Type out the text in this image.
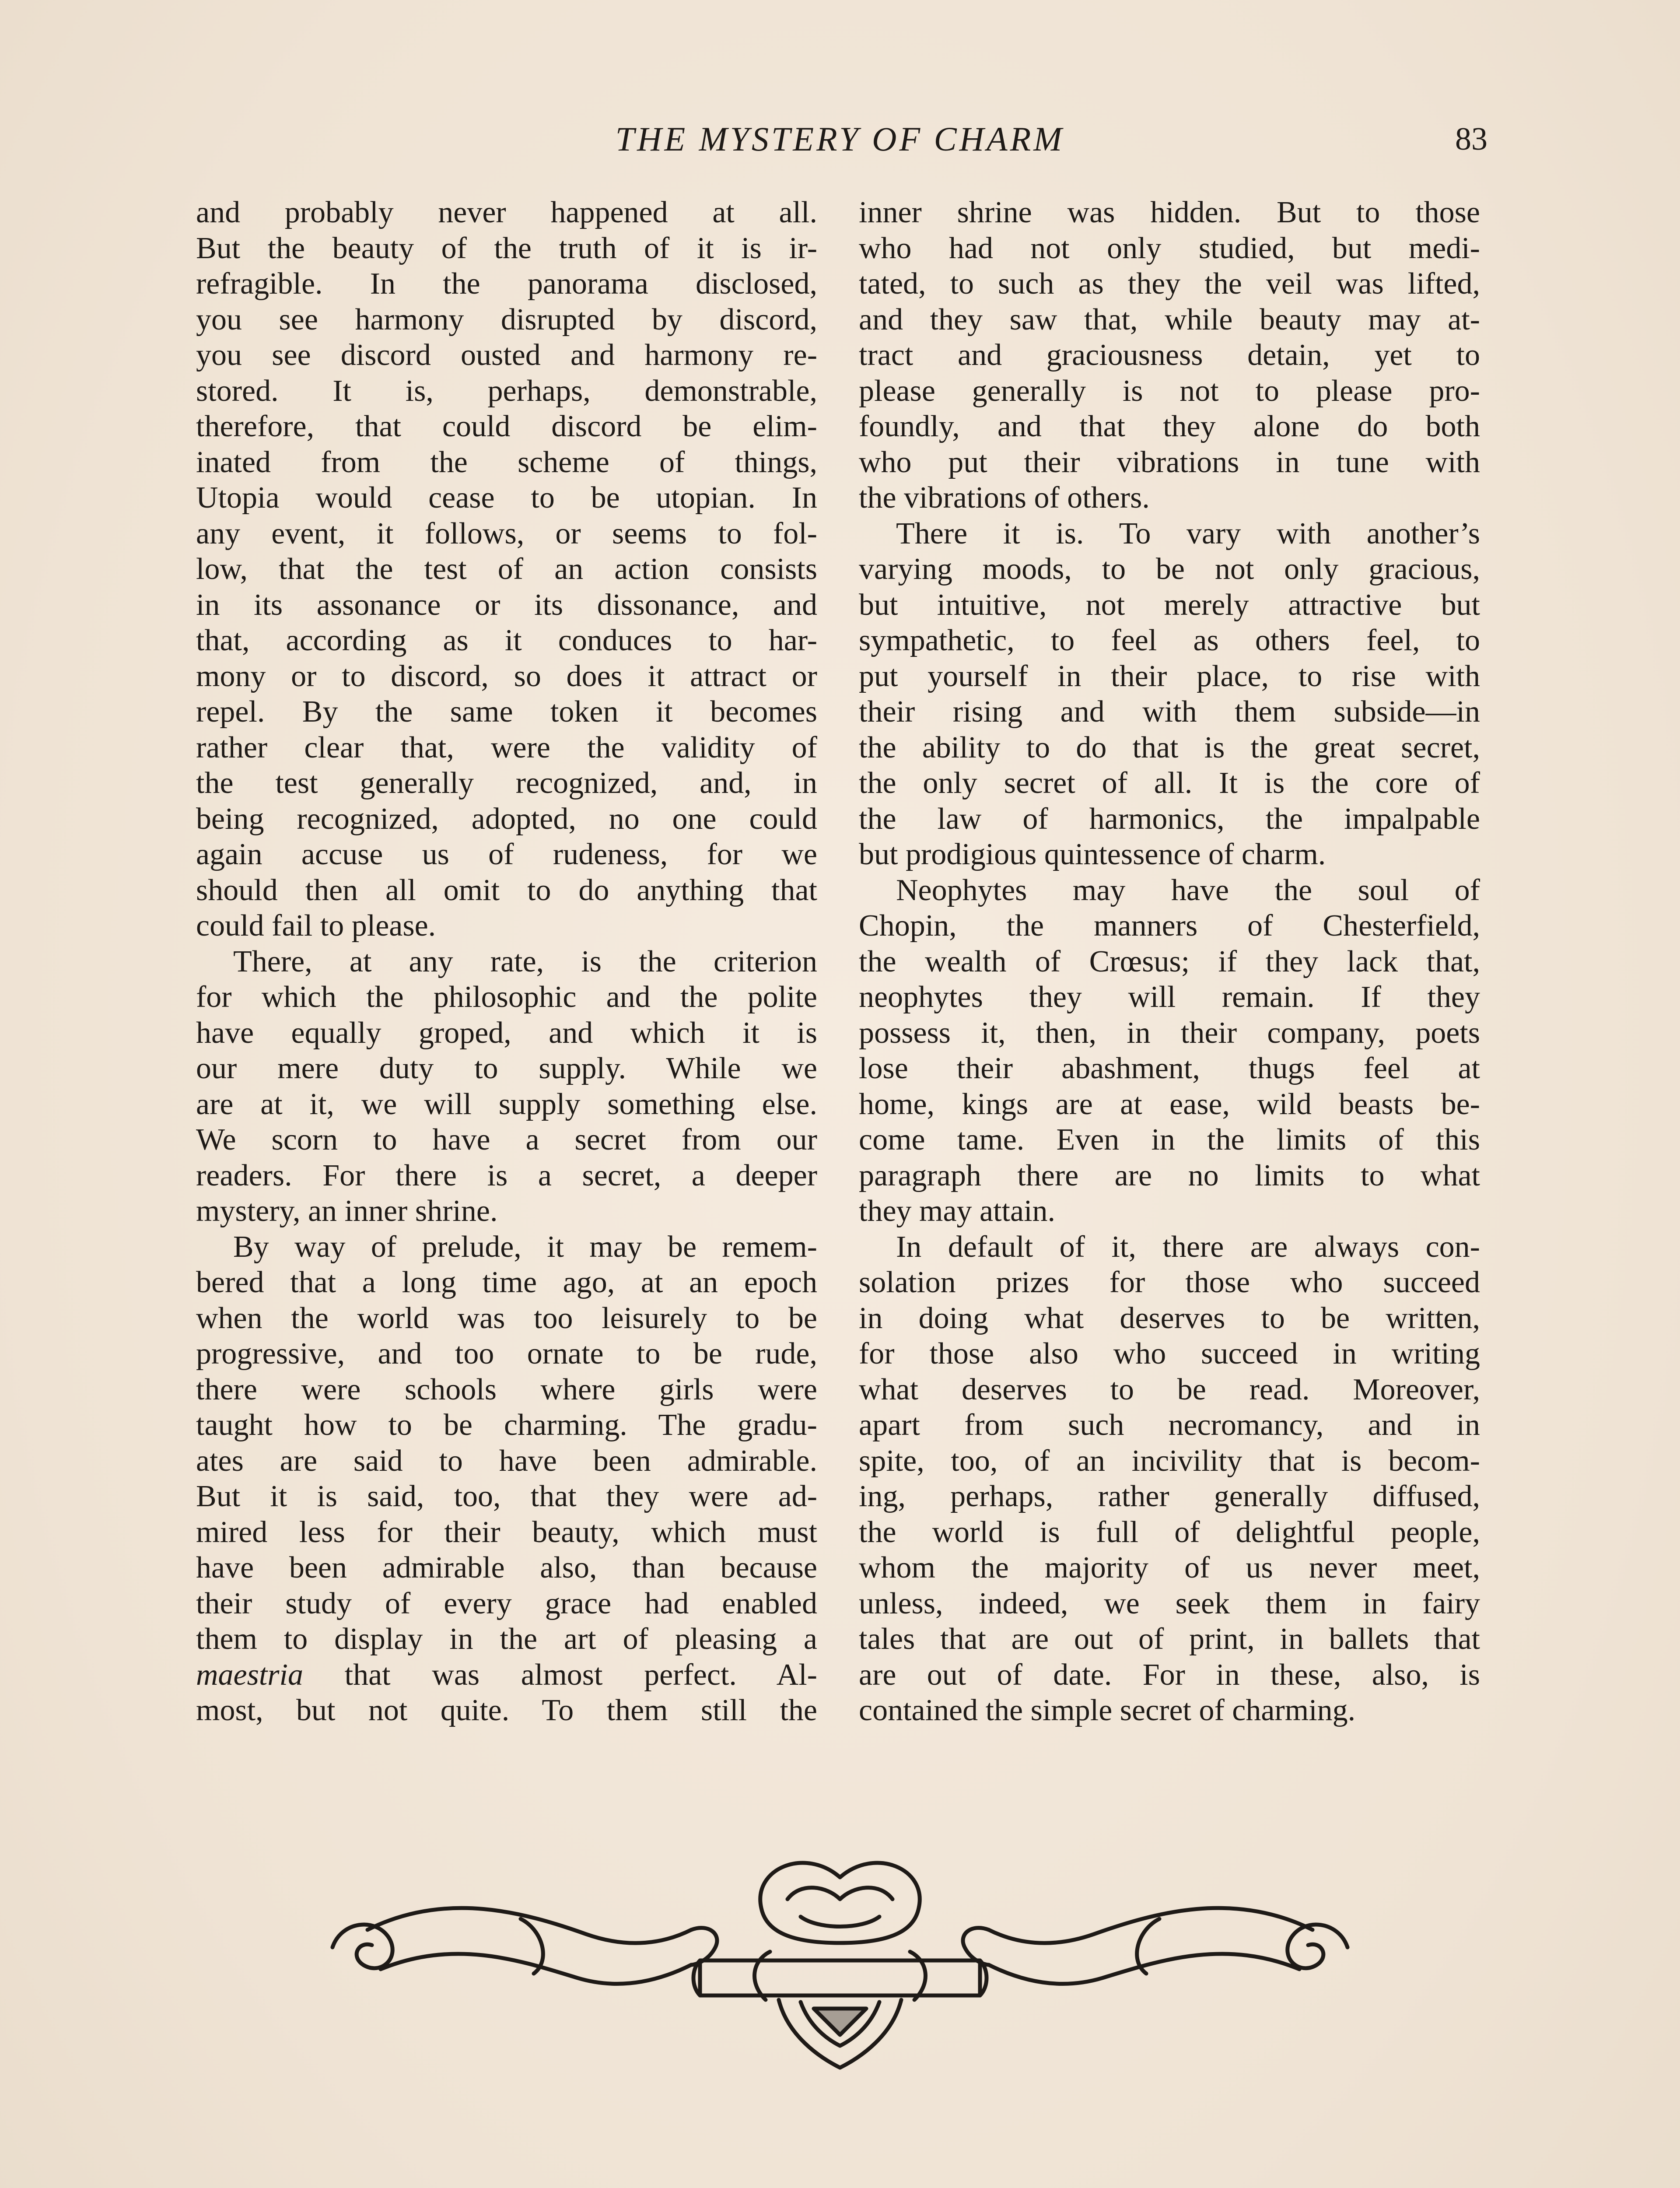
THE MYSTERY OF CHARM	83
and probably never happened at all.
But the beauty of the truth of it is ir-
refragible. In the panorama disclosed,
you see harmony disrupted by discord,
you see discord ousted and harmony re-
stored. It is, perhaps, demonstrable,
therefore, that could discord be elim-
inated from the scheme of things,
Utopia would cease to be utopian. In
any event, it follows, or seems to fol-
low, that the test of an action consists
in its assonance or its dissonance, and
that, according as it conduces to har-
mony or to discord, so does it attract or
repel. By the same token it becomes
rather clear that, were the validity of
the test generally recognized, and, in
being recognized, adopted, no one could
again accuse us of rudeness, for we
should then all omit to do anything that
could fail to please.
There, at any rate, is the criterion
for which the philosophic and the polite
have equally groped, and which it is
our mere duty to supply. While we
are at it, we will supply something else.
We scorn to have a secret from our
readers. For there is a secret, a deeper
mystery, an inner shrine.
By way of prelude, it may be remem-
bered that a long time ago, at an epoch
when the world was too leisurely to be
progressive, and too ornate to be rude,
there were schools where girls were
taught how to be charming. The gradu-
ates are said to have been admirable.
But it is said, too, that they were ad-
mired less for their beauty, which must
have been admirable also, than because
their study of every grace had enabled
them to display in the art of pleasing a
maestria that was almost perfect. Al-
most, but not quite. To them still the
inner shrine was hidden. But to those
who had not only studied, but medi-
tated, to such as they the veil was lifted,
and they saw that, while beauty may at-
tract and graciousness detain, yet to
please generally is not to please pro-
foundly, and that they alone do both
who put their vibrations in tune with
the vibrations of others.
There it is. To vary with another’s
varying moods, to be not only gracious,
but intuitive, not merely attractive but
sympathetic, to feel as others feel, to
put yourself in their place, to rise with
their rising and with them subside—in
the ability to do that is the great secret,
the only secret of all. It is the core of
the law of harmonics, the impalpable
but prodigious quintessence of charm.
Neophytes may have the soul of
Chopin, the manners of Chesterfield,
the wealth of Crœsus; if they lack that,
neophytes they will remain. If they
possess it, then, in their company, poets
lose their abashment, thugs feel at
home, kings are at ease, wild beasts be-
come tame. Even in the limits of this
paragraph there are no limits to what
they may attain.
In default of it, there are always con-
solation prizes for those who succeed
in doing what deserves to be written,
for those also who succeed in writing
what deserves to be read. Moreover,
apart from such necromancy, and in
spite, too, of an incivility that is becom-
ing, perhaps, rather generally diffused,
the world is full of delightful people,
whom the majority of us never meet,
unless, indeed, we seek them in fairy
tales that are out of print, in ballets that
are out of date. For in these, also, is
contained the simple secret of charming.
